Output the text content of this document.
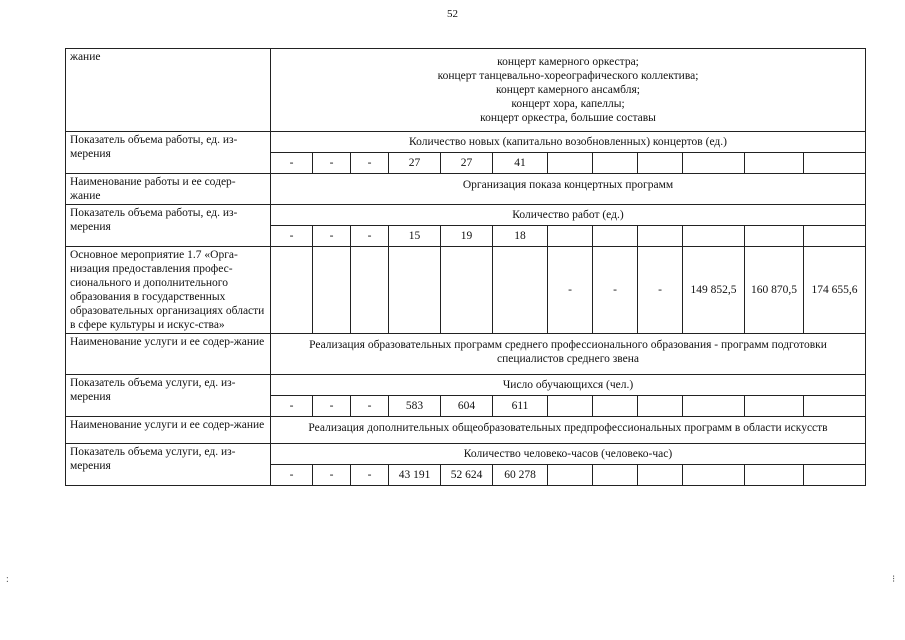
52
жание	концерт камерного оркестра;
концерт танцевально-хореографического коллектива;
концерт камерного ансамбля;
концерт хора, капеллы;
концерт оркестра, большие составы											

Показатель объема работы, ед. из-мерения	Количество новых (капитально возобновленных) концертов (ед.)											
	-	-	-	27	27	41						
Наименование работы и ее содер-жание	Организация показа концертных программ											
Показатель объема работы, ед. из-мерения	Количество работ (ед.)											
	-	-	-	15	19	18						
Основное мероприятие 1.7 «Орга-низация предоставления профес-сионального и дополнительного образования в государственных образовательных организациях области в сфере культуры и искус-ства»							-	-	-	149 852,5	160 870,5	174 655,6
Наименование услуги и ее содер-жание	Реализация образовательных программ среднего профессионального образования - программ подготовки специалистов среднего звена											
Показатель объема услуги, ед. из-мерения	Число обучающихся (чел.)											
	-	-	-	583	604	611						
Наименование услуги и ее содер-жание	Реализация дополнительных общеобразовательных предпрофессиональных программ в области искусств											
Показатель объема услуги, ед. из-мерения	Количество человеко-часов (человеко-час)											
	-	-	-	43 191	52 624	60 278						
:	⁝
